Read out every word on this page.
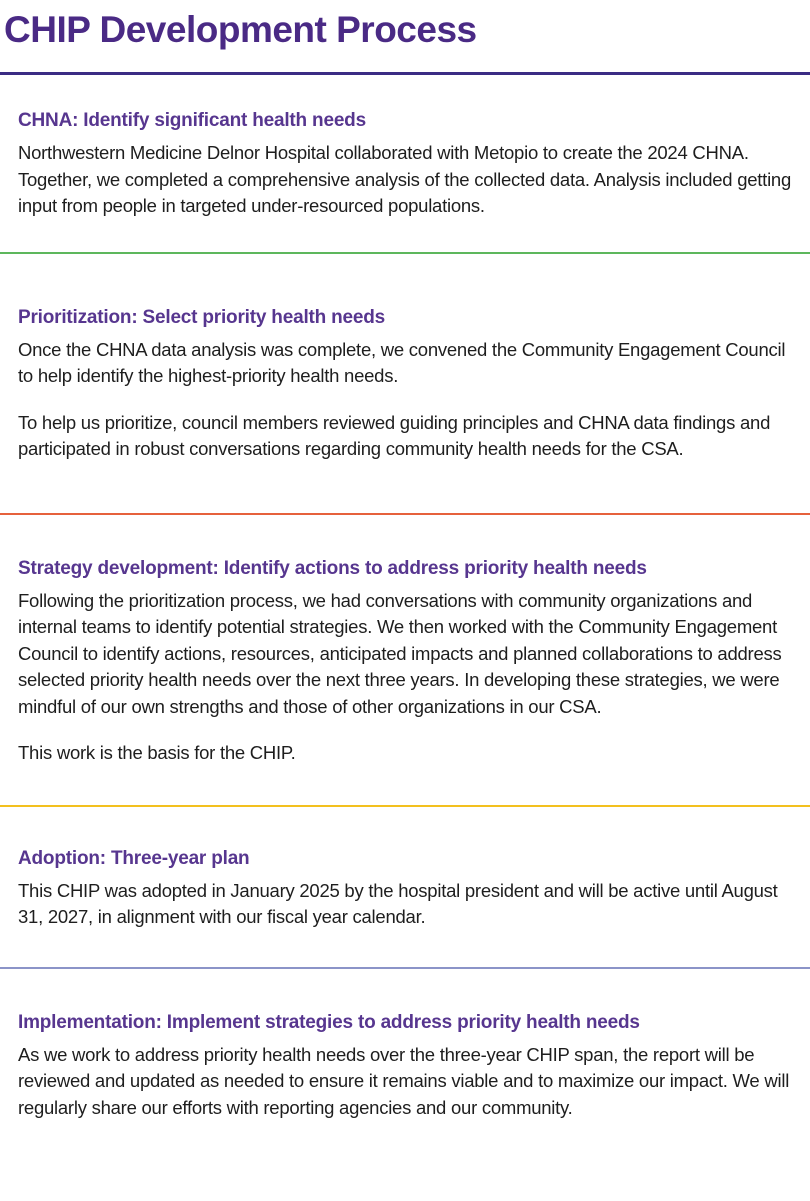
CHIP Development Process
CHNA: Identify significant health needs

Northwestern Medicine Delnor Hospital collaborated with Metopio to create the 2024 CHNA. Together, we completed a comprehensive analysis of the collected data. Analysis included getting input from people in targeted under-resourced populations.

Prioritization: Select priority health needs

Once the CHNA data analysis was complete, we convened the Community Engagement Council to help identify the highest-priority health needs.

To help us prioritize, council members reviewed guiding principles and CHNA data findings and participated in robust conversations regarding community health needs for the CSA.

Strategy development: Identify actions to address priority health needs

Following the prioritization process, we had conversations with community organizations and internal teams to identify potential strategies. We then worked with the Community Engagement Council to identify actions, resources, anticipated impacts and planned collaborations to address selected priority health needs over the next three years. In developing these strategies, we were mindful of our own strengths and those of other organizations in our CSA.

This work is the basis for the CHIP.

Adoption: Three-year plan

This CHIP was adopted in January 2025 by the hospital president and will be active until August 31, 2027, in alignment with our fiscal year calendar.

Implementation: Implement strategies to address priority health needs

As we work to address priority health needs over the three-year CHIP span, the report will be reviewed and updated as needed to ensure it remains viable and to maximize our impact. We will regularly share our efforts with reporting agencies and our community.
